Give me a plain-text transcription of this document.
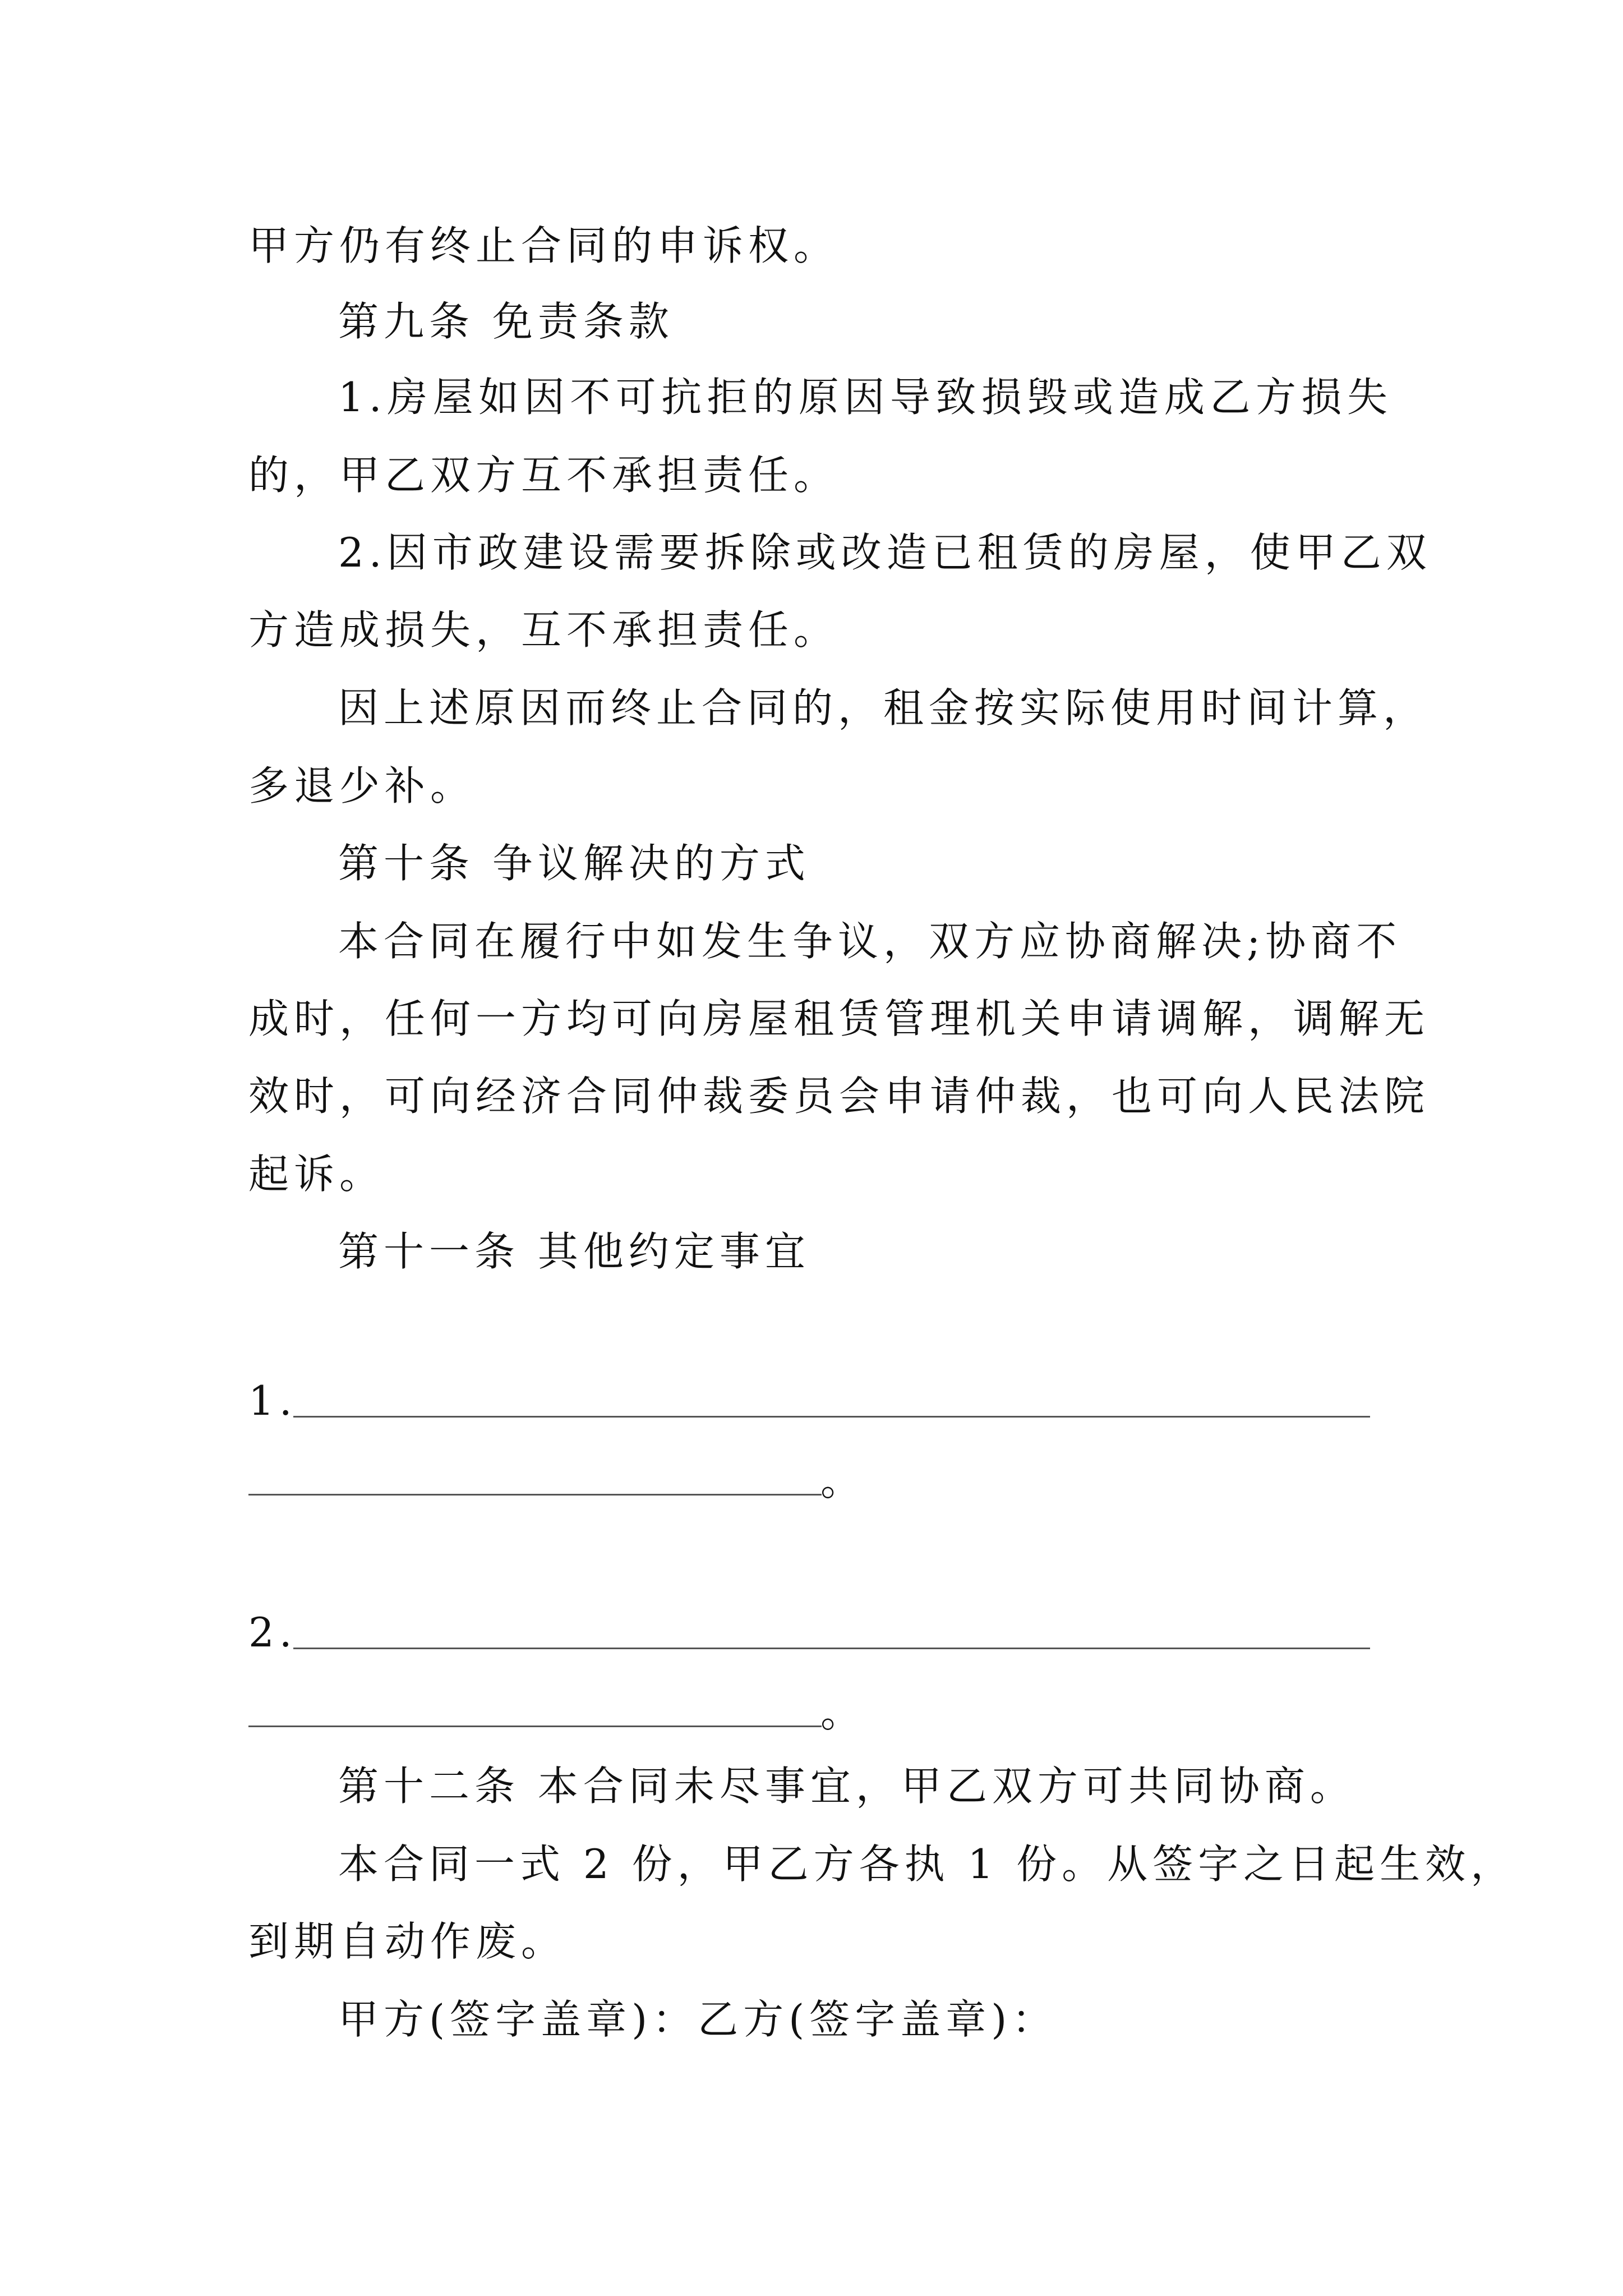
甲方仍有终止合同的申诉权。
第九条 免责条款
1.房屋如因不可抗拒的原因导致损毁或造成乙方损失
的，甲乙双方互不承担责任。
2.因市政建设需要拆除或改造已租赁的房屋，使甲乙双
方造成损失，互不承担责任。
因上述原因而终止合同的，租金按实际使用时间计算，
多退少补。
第十条 争议解决的方式
本合同在履行中如发生争议，双方应协商解决;协商不
成时，任何一方均可向房屋租赁管理机关申请调解，调解无
效时，可向经济合同仲裁委员会申请仲裁，也可向人民法院
起诉。
第十一条 其他约定事宜
1.
。
2.
。
第十二条 本合同未尽事宜，甲乙双方可共同协商。
本合同一式 2 份，甲乙方各执 1 份。从签字之日起生效，
到期自动作废。
甲方(签字盖章)：乙方(签字盖章)：
